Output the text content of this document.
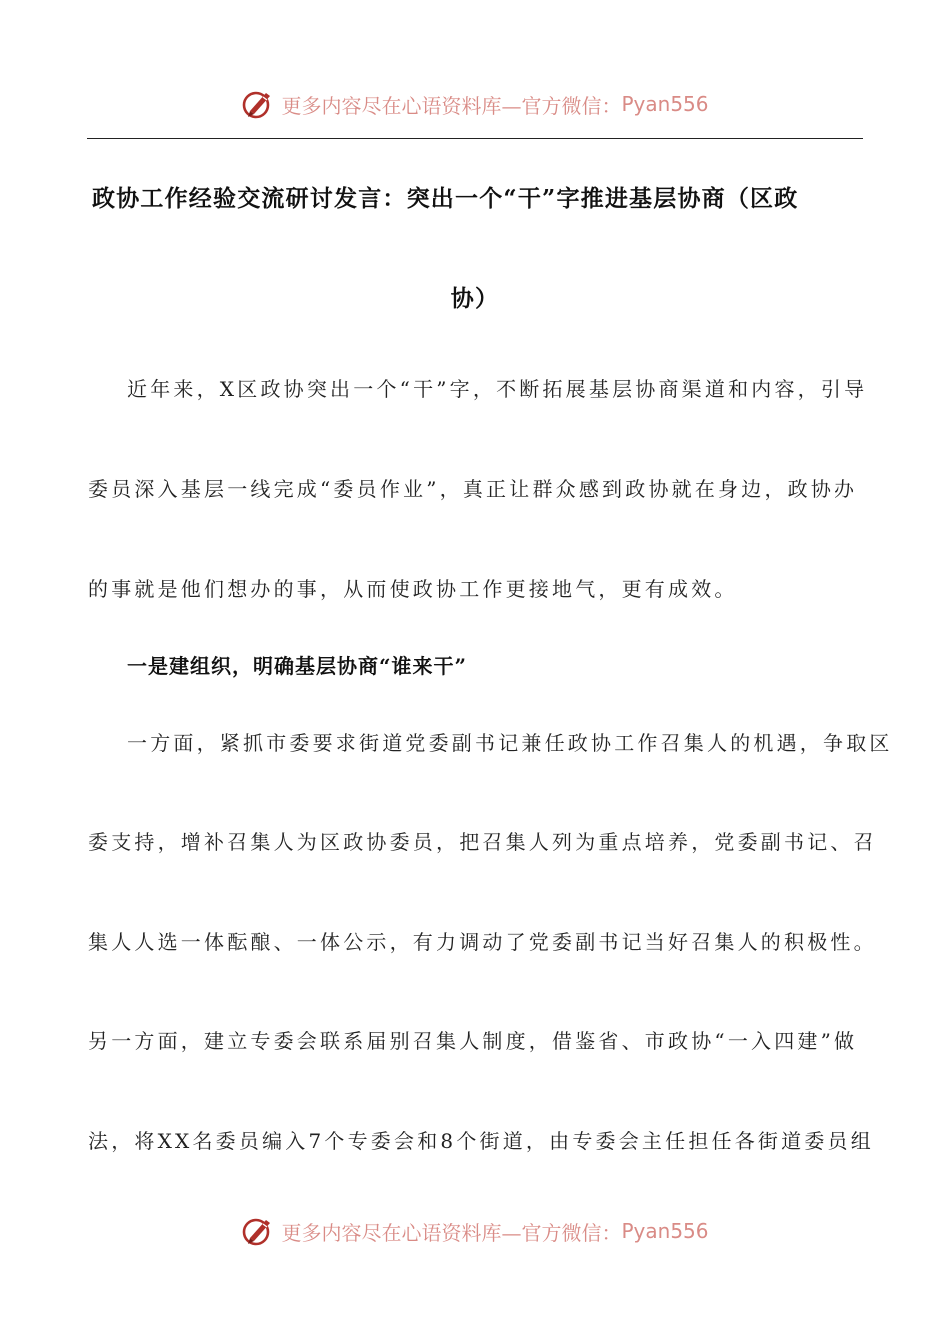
更多内容尽在心语资料库—官方微信： Pyan556
政协工作经验交流研讨发言：突出一个“干”字推进基层协商（区政
协）
近年来，X区政协突出一个“干”字，不断拓展基层协商渠道和内容，引导
委员深入基层一线完成“委员作业”，真正让群众感到政协就在身边，政协办
的事就是他们想办的事，从而使政协工作更接地气，更有成效。
一是建组织，明确基层协商“谁来干”
一方面，紧抓市委要求街道党委副书记兼任政协工作召集人的机遇，争取区
委支持，增补召集人为区政协委员，把召集人列为重点培养，党委副书记、召
集人人选一体酝酿、一体公示，有力调动了党委副书记当好召集人的积极性。
另一方面，建立专委会联系届别召集人制度，借鉴省、市政协“一入四建”做
法，将XX名委员编入7个专委会和8个街道，由专委会主任担任各街道委员组
更多内容尽在心语资料库—官方微信： Pyan556
